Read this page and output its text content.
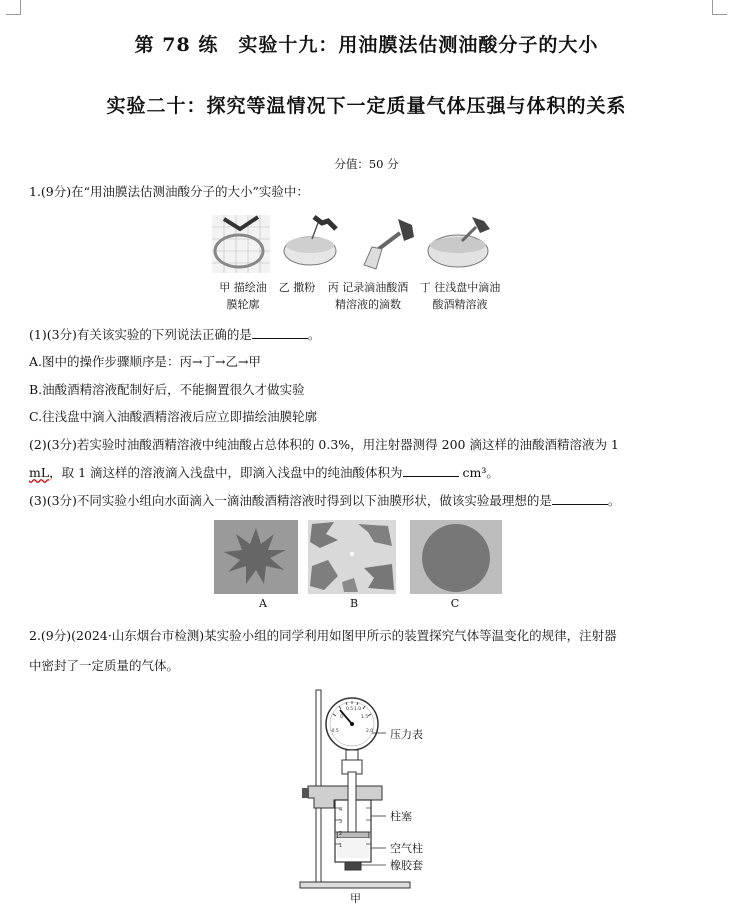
第 78 练　实验十九：用油膜法估测油酸分子的大小
实验二十：探究等温情况下一定质量气体压强与体积的关系
分值：50 分
1.(9分)在“用油膜法估测油酸分子的大小”实验中：
甲 描绘油
膜轮廓
乙 撒粉	丙 记录滴油酸酒
精溶液的滴数
丁 往浅盘中滴油
酸酒精溶液
(1)(3分)有关该实验的下列说法正确的是	。
A.图中的操作步骤顺序是：丙→丁→乙→甲
B.油酸酒精溶液配制好后，不能搁置很久才做实验
C.往浅盘中滴入油酸酒精溶液后应立即描绘油膜轮廓
(2)(3分)若实验时油酸酒精溶液中纯油酸占总体积的 0.3%，用注射器测得 200 滴这样的油酸酒精溶液为 1
mL，取 1 滴这样的溶液滴入浅盘中，即滴入浅盘中的纯油酸体积为	cm³。
(3)(3分)不同实验小组向水面滴入一滴油酸酒精溶液时得到以下油膜形状，做该实验最理想的是	。
A	B	C
2.(9分)(2024·山东烟台市检测)某实验小组的同学利用如图甲所示的装置探究气体等温变化的规律，注射器
中密封了一定质量的气体。
-0.5
0
0.5 1.0
1.5
2.0
4
3
2
1
压力表
柱塞
空气柱
橡胶套
甲
